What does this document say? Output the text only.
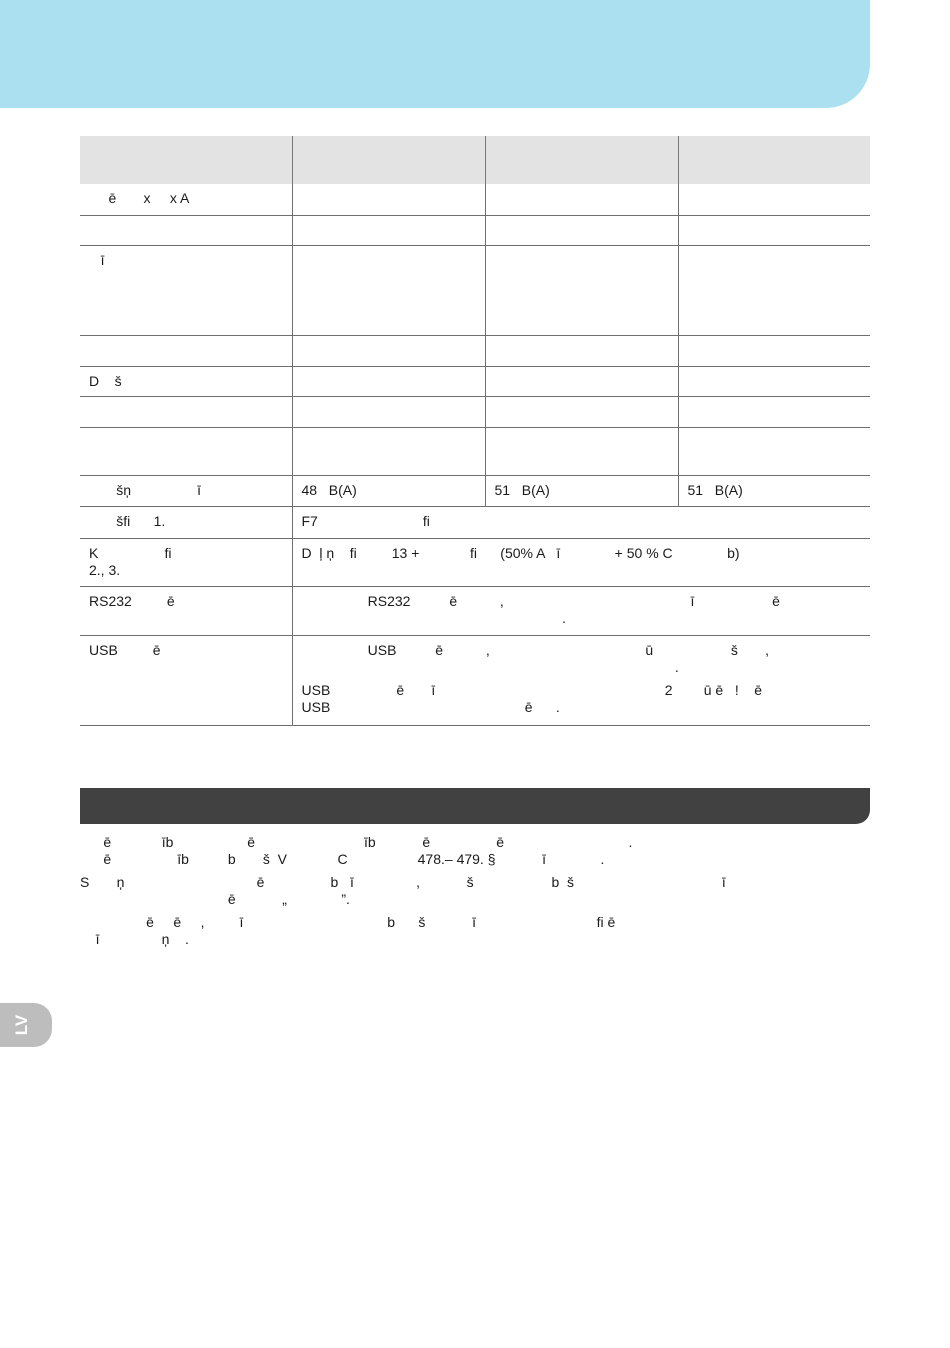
ē       x     x A			

ī			

D    š			

šņ                 ī	48   B(A)	51   B(A)	51   B(A)
šfi      1.	F7                           fi		

K                 fi
2., 3.	D  ļ ņ    fi         13 +             fi      (50% A   ī              + 50 % C              b)		

RS232         ē	RS232          ē           ,                                                ī                    ē
.		

USB         ē	USB          ē           ,                                        ū                    š       ,
.

USB                 ē       ī                                                           2        ū ē   !    ē
USB                                                  ē      .		

ē             īb                   ē                            īb            ē                 ē                                .
ē                 īb          b       š  V             C                  478.– 479. §            ī              .

S       ņ                                  ē                 b   ī                ,            š                    b  š                                      ī
ē            „              ”.

ē     ē     ,         ī                                     b      š            ī                               fi ē
ī                ņ    .

LV
